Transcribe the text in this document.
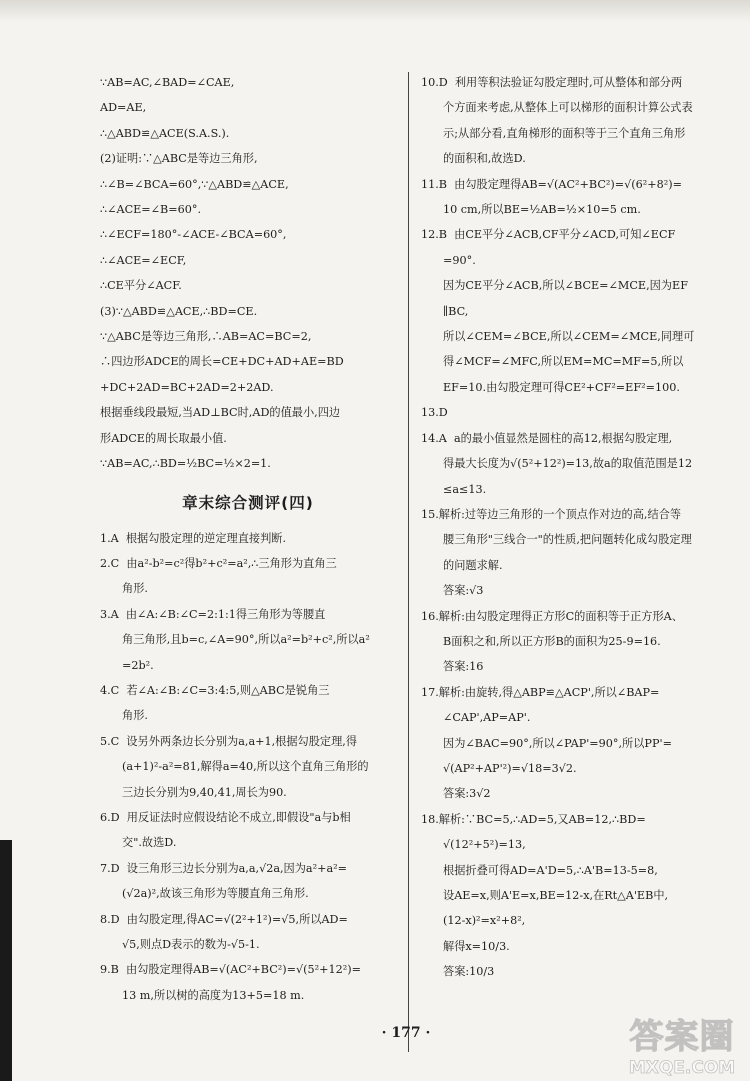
∵AB=AC,∠BAD=∠CAE,
AD=AE,
∴△ABD≌△ACE(S.A.S.).
(2)证明:∵△ABC是等边三角形,
∴∠B=∠BCA=60°,∵△ABD≌△ACE,
∴∠ACE=∠B=60°.
∴∠ECF=180°-∠ACE-∠BCA=60°,
∴∠ACE=∠ECF,
∴CE平分∠ACF.
(3)∵△ABD≌△ACE,∴BD=CE.
∵△ABC是等边三角形,∴AB=AC=BC=2,
∴四边形ADCE的周长=CE+DC+AD+AE=BD
+DC+2AD=BC+2AD=2+2AD.
根据垂线段最短,当AD⊥BC时,AD的值最小,四边
形ADCE的周长取最小值.
∵AB=AC,∴BD=½BC=½×2=1.
章末综合测评(四)
1.A  根据勾股定理的逆定理直接判断.
2.C  由a²-b²=c²得b²+c²=a²,∴三角形为直角三
角形.
3.A  由∠A:∠B:∠C=2:1:1得三角形为等腰直
角三角形,且b=c,∠A=90°,所以a²=b²+c²,所以a²
=2b².
4.C  若∠A:∠B:∠C=3:4:5,则△ABC是锐角三
角形.
5.C  设另外两条边长分别为a,a+1,根据勾股定理,得
(a+1)²-a²=81,解得a=40,所以这个直角三角形的
三边长分别为9,40,41,周长为90.
6.D  用反证法时应假设结论不成立,即假设"a与b相
交".故选D.
7.D  设三角形三边长分别为a,a,√2a,因为a²+a²=
(√2a)²,故该三角形为等腰直角三角形.
8.D  由勾股定理,得AC=√(2²+1²)=√5,所以AD=
√5,则点D表示的数为-√5-1.
9.B  由勾股定理得AB=√(AC²+BC²)=√(5²+12²)=
13 m,所以树的高度为13+5=18 m.
10.D  利用等积法验证勾股定理时,可从整体和部分两
个方面来考虑,从整体上可以梯形的面积计算公式表
示;从部分看,直角梯形的面积等于三个直角三角形
的面积和,故选D.
11.B  由勾股定理得AB=√(AC²+BC²)=√(6²+8²)=
10 cm,所以BE=½AB=½×10=5 cm.
12.B  由CE平分∠ACB,CF平分∠ACD,可知∠ECF
=90°.
因为CE平分∠ACB,所以∠BCE=∠MCE,因为EF
∥BC,
所以∠CEM=∠BCE,所以∠CEM=∠MCE,同理可
得∠MCF=∠MFC,所以EM=MC=MF=5,所以
EF=10.由勾股定理可得CE²+CF²=EF²=100.
13.D
14.A  a的最小值显然是圆柱的高12,根据勾股定理,
得最大长度为√(5²+12²)=13,故a的取值范围是12
≤a≤13.
15.解析:过等边三角形的一个顶点作对边的高,结合等
腰三角形"三线合一"的性质,把问题转化成勾股定理
的问题求解.
答案:√3
16.解析:由勾股定理得正方形C的面积等于正方形A、
B面积之和,所以正方形B的面积为25-9=16.
答案:16
17.解析:由旋转,得△ABP≌△ACP',所以∠BAP=
∠CAP',AP=AP'.
因为∠BAC=90°,所以∠PAP'=90°,所以PP'=
√(AP²+AP'²)=√18=3√2.
答案:3√2
18.解析:∵BC=5,∴AD=5,又AB=12,∴BD=
√(12²+5²)=13,
根据折叠可得AD=A'D=5,∴A'B=13-5=8,
设AE=x,则A'E=x,BE=12-x,在Rt△A'EB中,
(12-x)²=x²+8²,
解得x=10/3.
答案:10/3
· 177 ·	答案圈
MXQE.COM
